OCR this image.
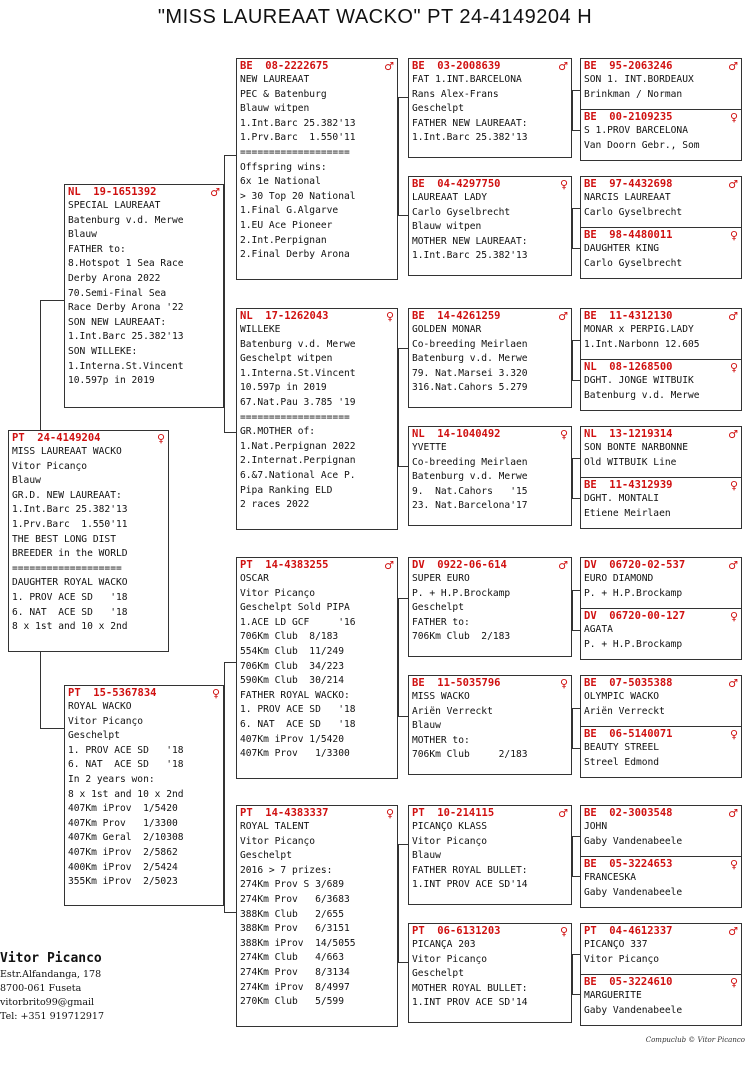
"MISS LAUREAAT WACKO" PT 24-4149204 H
PT  24-4149204	♀
MISS LAUREAAT WACKO
Vitor Picanço
Blauw
GR.D. NEW LAUREAAT:
1.Int.Barc 25.382'13
1.Prv.Barc  1.550'11
THE BEST LONG DIST
BREEDER in the WORLD
===================
DAUGHTER ROYAL WACKO
1. PROV ACE SD   '18
6. NAT  ACE SD   '18
8 x 1st and 10 x 2nd
NL  19-1651392	♂
SPECIAL LAUREAAT
Batenburg v.d. Merwe
Blauw
FATHER to:
8.Hotspot 1 Sea Race
Derby Arona 2022
70.Semi-Final Sea
Race Derby Arona '22
SON NEW LAUREAAT:
1.Int.Barc 25.382'13
SON WILLEKE:
1.Interna.St.Vincent
10.597p in 2019
PT  15-5367834	♀
ROYAL WACKO
Vitor Picanço
Geschelpt
1. PROV ACE SD   '18
6. NAT  ACE SD   '18
In 2 years won:
8 x 1st and 10 x 2nd
407Km iProv  1/5420
407Km Prov   1/3300
407Km Geral  2/10308
407Km iProv  2/5862
400Km iProv  2/5424
355Km iProv  2/5023
BE  08-2222675	♂
NEW LAUREAAT
PEC & Batenburg
Blauw witpen
1.Int.Barc 25.382'13
1.Prv.Barc  1.550'11
===================
Offspring wins:
6x 1e National
> 30 Top 20 National
1.Final G.Algarve
1.EU Ace Pioneer
2.Int.Perpignan
2.Final Derby Arona
NL  17-1262043	♀
WILLEKE
Batenburg v.d. Merwe
Geschelpt witpen
1.Interna.St.Vincent
10.597p in 2019
67.Nat.Pau 3.785 '19
===================
GR.MOTHER of:
1.Nat.Perpignan 2022
2.Internat.Perpignan
6.&7.National Ace P.
Pipa Ranking ELD
2 races 2022
PT  14-4383255	♂
OSCAR
Vitor Picanço
Geschelpt Sold PIPA
1.ACE LD GCF     '16
706Km Club  8/183
554Km Club  11/249
706Km Club  34/223
590Km Club  30/214
FATHER ROYAL WACKO:
1. PROV ACE SD   '18
6. NAT  ACE SD   '18
407Km iProv 1/5420
407Km Prov   1/3300
PT  14-4383337	♀
ROYAL TALENT
Vitor Picanço
Geschelpt
2016 > 7 prizes:
274Km Prov S 3/689
274Km Prov   6/3683
388Km Club   2/655
388Km Prov   6/3151
388Km iProv  14/5055
274Km Club   4/663
274Km Prov   8/3134
274Km iProv  8/4997
270Km Club   5/599
BE  03-2008639	♂
FAT 1.INT.BARCELONA
Rans Alex-Frans
Geschelpt
FATHER NEW LAUREAAT:
1.Int.Barc 25.382'13
BE  04-4297750	♀
LAUREAAT LADY
Carlo Gyselbrecht
Blauw witpen
MOTHER NEW LAUREAAT:
1.Int.Barc 25.382'13
BE  14-4261259	♂
GOLDEN MONAR
Co-breeding Meirlaen
Batenburg v.d. Merwe
79. Nat.Marsei 3.320
316.Nat.Cahors 5.279
NL  14-1040492	♀
YVETTE
Co-breeding Meirlaen
Batenburg v.d. Merwe
9.  Nat.Cahors   '15
23. Nat.Barcelona'17
DV  0922-06-614	♂
SUPER EURO
P. + H.P.Brockamp
Geschelpt
FATHER to:
706Km Club  2/183
BE  11-5035796	♀
MISS WACKO
Ariën Verreckt
Blauw
MOTHER to:
706Km Club     2/183
PT  10-214115	♂
PICANÇO KLASS
Vitor Picanço
Blauw
FATHER ROYAL BULLET:
1.INT PROV ACE SD'14
PT  06-6131203	♀
PICANÇA 203
Vitor Picanço
Geschelpt
MOTHER ROYAL BULLET:
1.INT PROV ACE SD'14
BE  95-2063246	♂
SON 1. INT.BORDEAUX
Brinkman / Norman
BE  00-2109235	♀
S 1.PROV BARCELONA
Van Doorn Gebr., Som
BE  97-4432698	♂
NARCIS LAUREAAT
Carlo Gyselbrecht
BE  98-4480011	♀
DAUGHTER KING
Carlo Gyselbrecht
BE  11-4312130	♂
MONAR x PERPIG.LADY
1.Int.Narbonn 12.605
NL  08-1268500	♀
DGHT. JONGE WITBUIK
Batenburg v.d. Merwe
NL  13-1219314	♂
SON BONTE NARBONNE
Old WITBUIK Line
BE  11-4312939	♀
DGHT. MONTALI
Etiene Meirlaen
DV  06720-02-537	♂
EURO DIAMOND
P. + H.P.Brockamp
DV  06720-00-127	♀
AGATA
P. + H.P.Brockamp
BE  07-5035388	♂
OLYMPIC WACKO
Ariën Verreckt
BE  06-5140071	♀
BEAUTY STREEL
Streel Edmond
BE  02-3003548	♂
JOHN
Gaby Vandenabeele
BE  05-3224653	♀
FRANCESKA
Gaby Vandenabeele
PT  04-4612337	♂
PICANÇO 337
Vitor Picanço
BE  05-3224610	♀
MARGUERITE
Gaby Vandenabeele
Vitor Picanco
Estr.Alfandanga, 178
8700-061 Fuseta
vitorbrito99@gmail
Tel: +351 919712917
Compuclub © Vitor Picanco
